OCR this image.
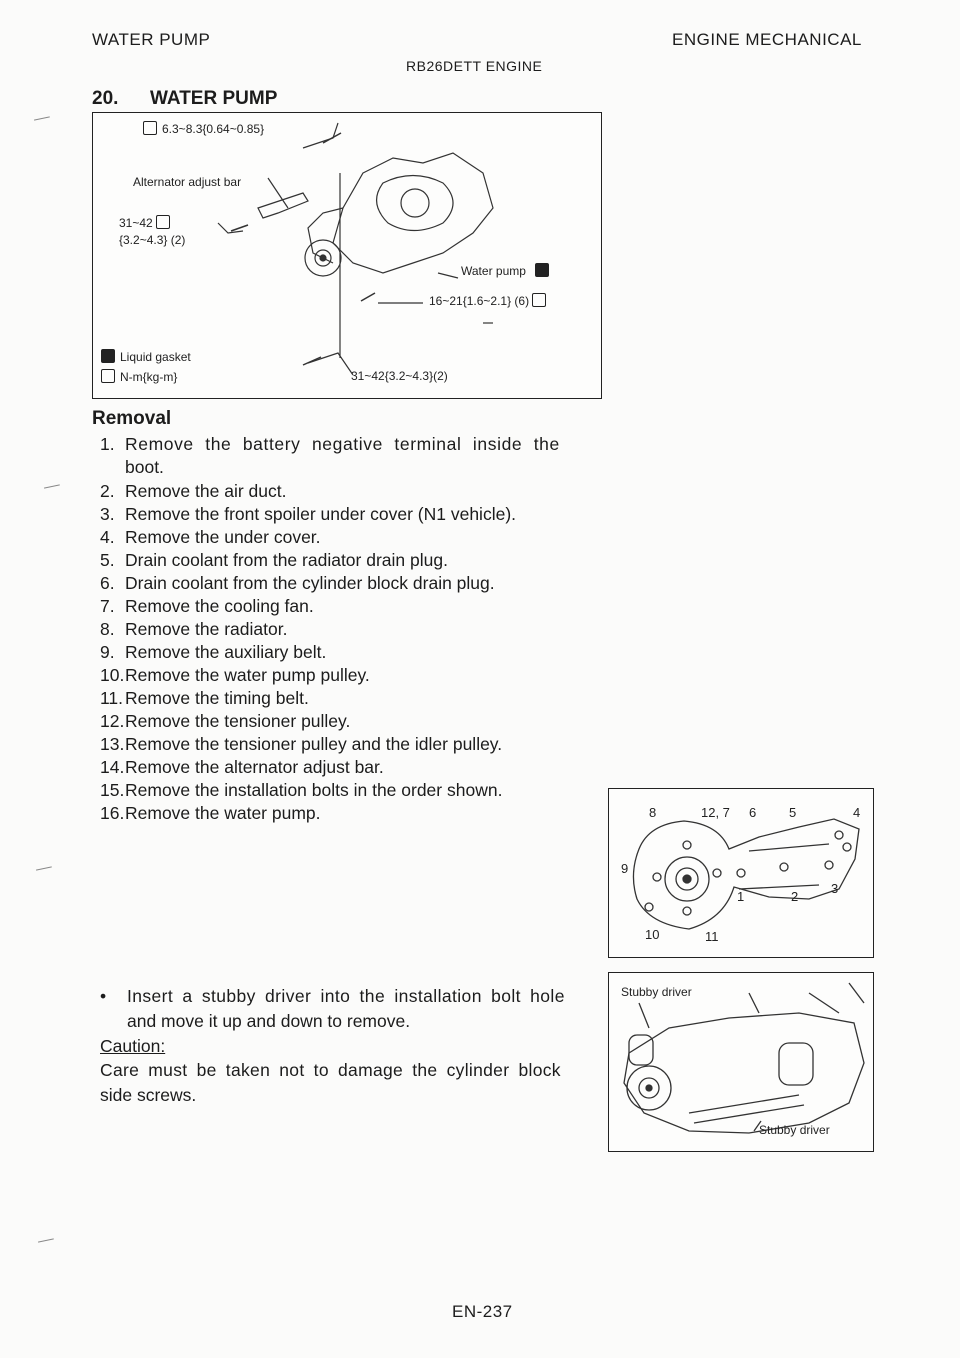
WATER PUMP	ENGINE MECHANICAL
RB26DETT ENGINE
20. WATER PUMP
6.3~8.3{0.64~0.85}
Alternator adjust bar
31~42
{3.2~4.3} (2)
Water pump
16~21{1.6~2.1} (6)
Liquid gasket
N-m{kg-m}	31~42{3.2~4.3}(2)
Removal
1. Remove the battery negative terminal inside the
boot.
2. Remove the air duct.
3. Remove the front spoiler under cover (N1 vehicle).
4. Remove the under cover.
5. Drain coolant from the radiator drain plug.
6. Drain coolant from the cylinder block drain plug.
7. Remove the cooling fan.
8. Remove the radiator.
9. Remove the auxiliary belt.
10.Remove the water pump pulley.
11. Remove the timing belt.
12.Remove the tensioner pulley.
13.Remove the tensioner pulley and the idler pulley.
14.Remove the alternator adjust bar.
15.Remove the installation bolts in the order shown.
16.Remove the water pump.	8	12, 7 6	5	4
9
1	2
3
10	11
• Insert a stubby driver into the installation bolt hole
and move it up and down to remove.
Caution:
Care must be taken not to damage the cylinder block
side screws.
Stubby driver
Stubby driver
EN-237
